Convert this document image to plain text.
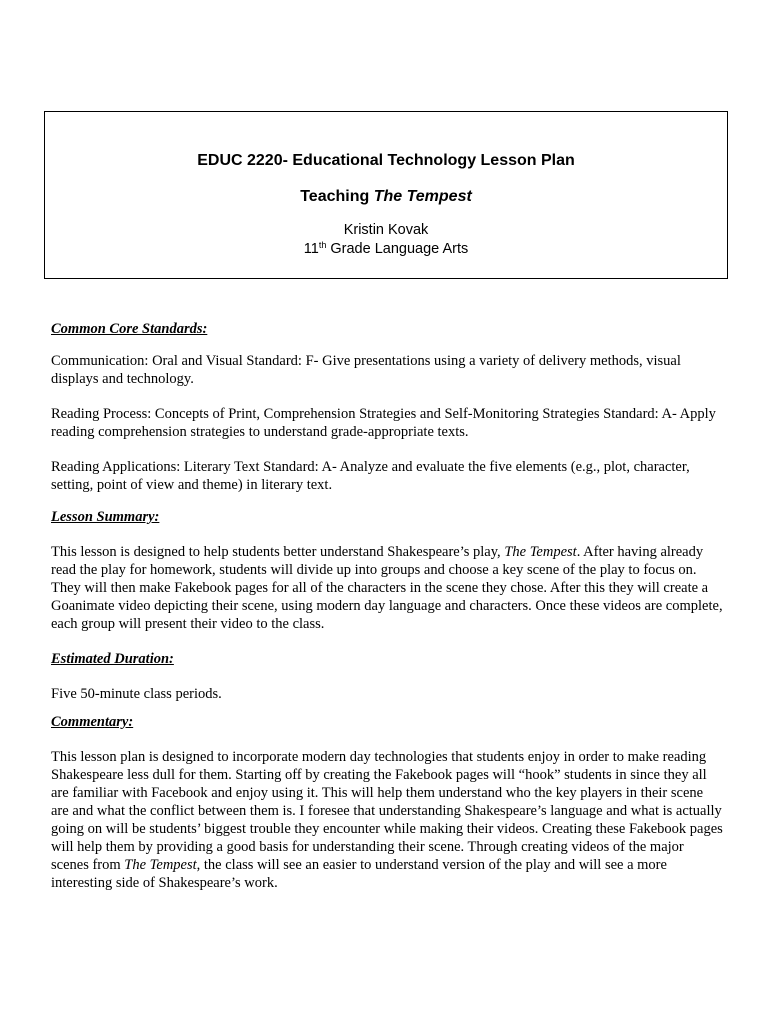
EDUC 2220- Educational Technology Lesson Plan
Teaching The Tempest
Kristin Kovak
11th Grade Language Arts
Common Core Standards:

Communication: Oral and Visual Standard: F- Give presentations using a variety of delivery methods, visual displays and technology.

Reading Process: Concepts of Print, Comprehension Strategies and Self-Monitoring Strategies Standard: A- Apply reading comprehension strategies to understand grade-appropriate texts.

Reading Applications: Literary Text Standard: A- Analyze and evaluate the five elements (e.g., plot, character, setting, point of view and theme) in literary text.

Lesson Summary:

This lesson is designed to help students better understand Shakespeare’s play, The Tempest. After having already read the play for homework, students will divide up into groups and choose a key scene of the play to focus on. They will then make Fakebook pages for all of the characters in the scene they chose. After this they will create a Goanimate video depicting their scene, using modern day language and characters. Once these videos are complete, each group will present their video to the class.

Estimated Duration:

Five 50-minute class periods.

Commentary:

This lesson plan is designed to incorporate modern day technologies that students enjoy in order to make reading Shakespeare less dull for them. Starting off by creating the Fakebook pages will “hook” students in since they all are familiar with Facebook and enjoy using it. This will help them understand who the key players in their scene are and what the conflict between them is. I foresee that understanding Shakespeare’s language and what is actually going on will be students’ biggest trouble they encounter while making their videos. Creating these Fakebook pages will help them by providing a good basis for understanding their scene. Through creating videos of the major scenes from The Tempest, the class will see an easier to understand version of the play and will see a more interesting side of Shakespeare’s work.
